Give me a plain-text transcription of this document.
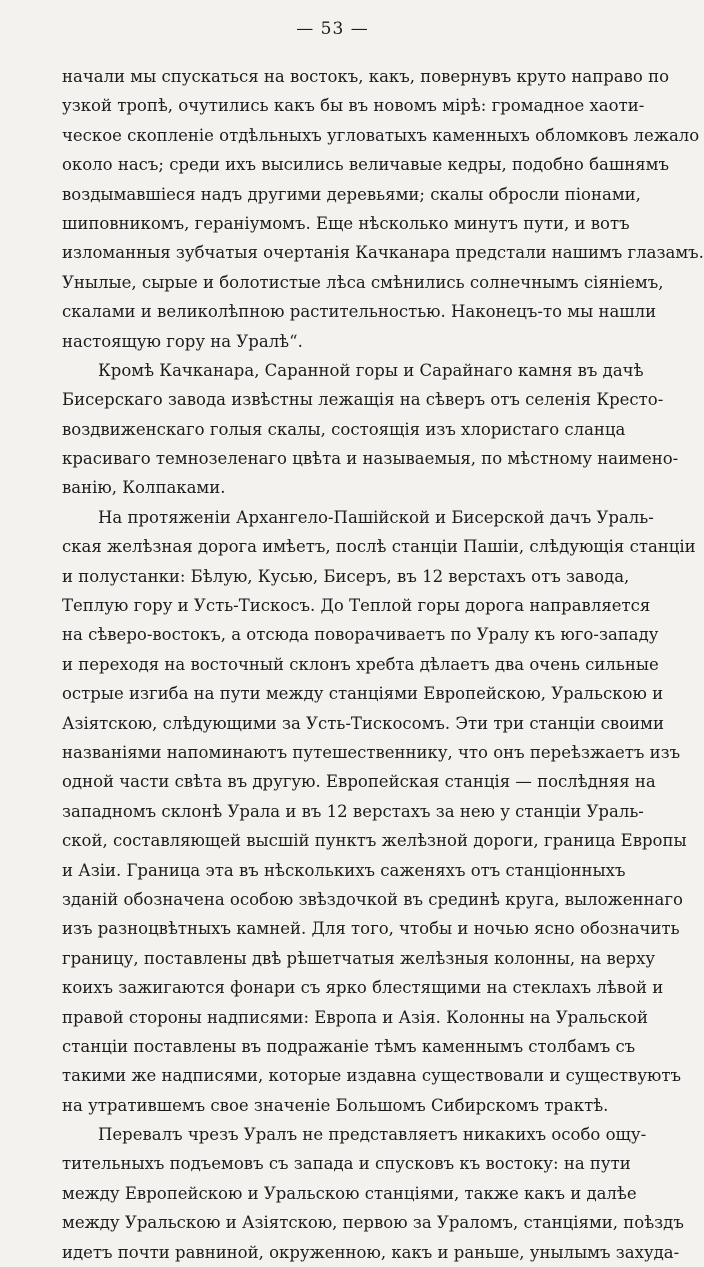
— 53 —
начали мы спускаться на востокъ, какъ, повернувъ круто направо по
узкой тропѣ, очутились какъ бы въ новомъ мірѣ: громадное хаоти-
ческое скопленіе отдѣльныхъ угловатыхъ каменныхъ обломковъ лежало
около насъ; среди ихъ высились величавые кедры, подобно башнямъ
воздымавшіеся надъ другими деревьями; скалы обросли піонами,
шиповникомъ, гераніумомъ. Еще нѣсколько минутъ пути, и вотъ
изломанныя зубчатыя очертанія Качканара предстали нашимъ глазамъ.
Унылые, сырые и болотистые лѣса смѣнились солнечнымъ сіяніемъ,
скалами и великолѣпною растительностью. Наконецъ-то мы нашли
настоящую гору на Уралѣ“.
Кромѣ Качканара, Саранной горы и Сарайнаго камня въ дачѣ
Бисерскаго завода извѣстны лежащія на сѣверъ отъ селенія Кресто-
воздвиженскаго голыя скалы, состоящія изъ хлористаго сланца
красиваго темнозеленаго цвѣта и называемыя, по мѣстному наимено-
ванію, Колпаками.
На протяженіи Архангело-Пашійской и Бисерской дачъ Ураль-
ская желѣзная дорога имѣетъ, послѣ станціи Пашіи, слѣдующія станціи
и полустанки: Бѣлую, Кусью, Бисеръ, въ 12 верстахъ отъ завода,
Теплую гору и Усть-Тискосъ. До Теплой горы дорога направляется
на сѣверо-востокъ, а отсюда поворачиваетъ по Уралу къ юго-западу
и переходя на восточный склонъ хребта дѣлаетъ два очень сильные
острые изгиба на пути между станціями Европейскою, Уральскою и
Азіятскою, слѣдующими за Усть-Тискосомъ. Эти три станціи своими
названіями напоминаютъ путешественнику, что онъ переѣзжаетъ изъ
одной части свѣта въ другую. Европейская станція — послѣдняя на
западномъ склонѣ Урала и въ 12 верстахъ за нею у станціи Ураль-
ской, составляющей высшій пунктъ желѣзной дороги, граница Европы
и Азіи. Граница эта въ нѣсколькихъ саженяхъ отъ станціонныхъ
зданій обозначена особою звѣздочкой въ срединѣ круга, выложеннаго
изъ разноцвѣтныхъ камней. Для того, чтобы и ночью ясно обозначить
границу, поставлены двѣ рѣшетчатыя желѣзныя колонны, на верху
коихъ зажигаются фонари съ ярко блестящими на стеклахъ лѣвой и
правой стороны надписями: Европа и Азія. Колонны на Уральской
станціи поставлены въ подражаніе тѣмъ каменнымъ столбамъ съ
такими же надписями, которые издавна существовали и существуютъ
на утратившемъ свое значеніе Большомъ Сибирскомъ трактѣ.
Перевалъ чрезъ Уралъ не представляетъ никакихъ особо ощу-
тительныхъ подъемовъ съ запада и спусковъ къ востоку: на пути
между Европейскою и Уральскою станціями, также какъ и далѣе
между Уральскою и Азіятскою, первою за Ураломъ, станціями, поѣздъ
идетъ почти равниной, окруженною, какъ и раньше, унылымъ захуда-
